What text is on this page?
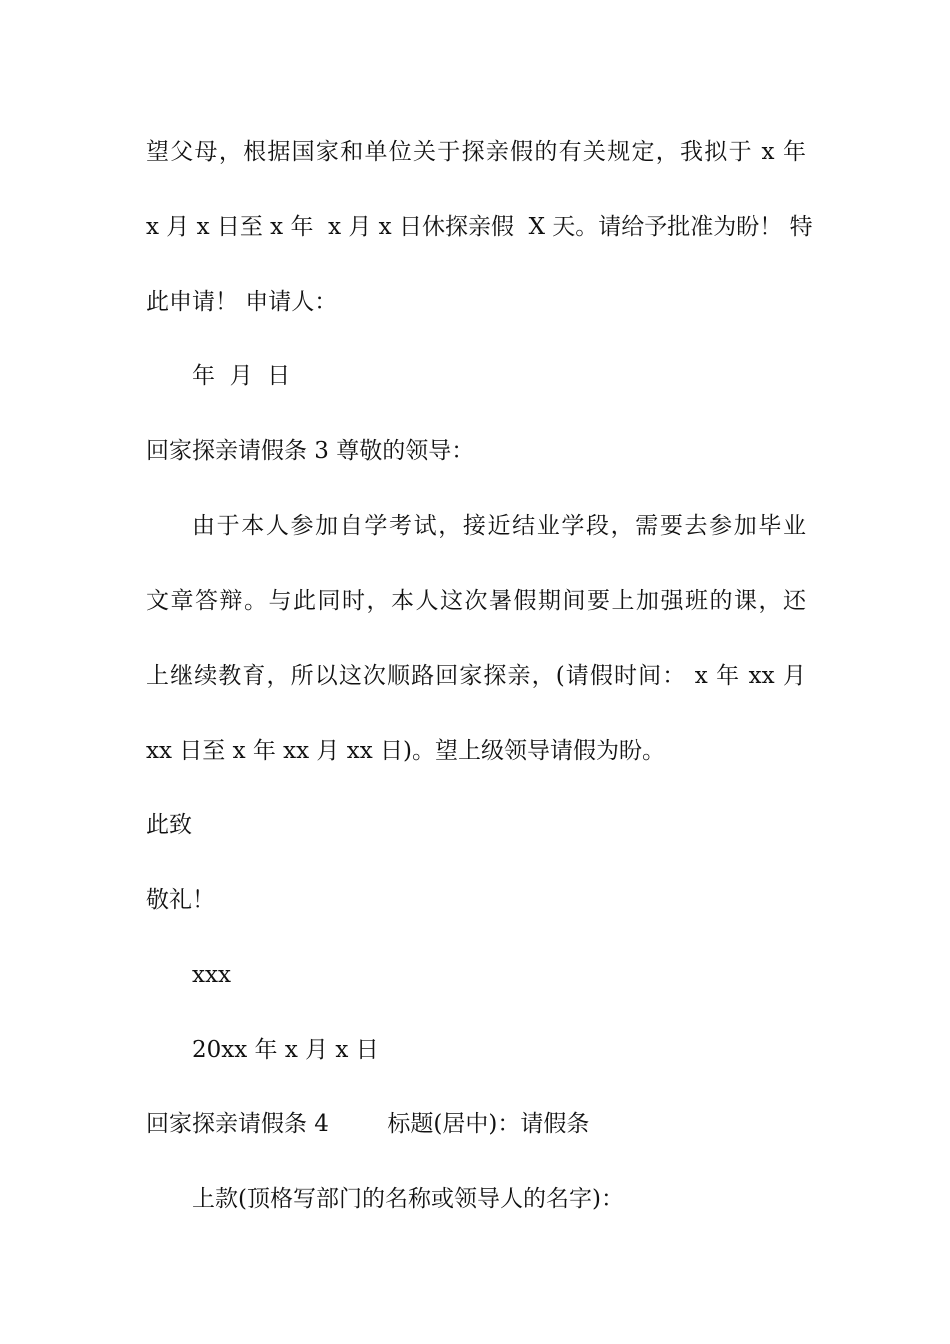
望父母，根据国家和单位关于探亲假的有关规定，我拟于 x 年
x 月 x 日至 x 年  x 月 x 日休探亲假  X 天。请给予批准为盼！ 特
此申请！ 申请人：
年  月  日
回家探亲请假条 3 尊敬的领导：
由于本人参加自学考试，接近结业学段，需要去参加毕业
文章答辩。与此同时，本人这次暑假期间要上加强班的课，还
上继续教育，所以这次顺路回家探亲，(请假时间： x 年 xx 月
xx 日至 x 年 xx 月 xx 日)。望上级领导请假为盼。
此致
敬礼！
xxx
20xx 年 x 月 x 日
回家探亲请假条 4        标题(居中)：请假条
上款(顶格写部门的名称或领导人的名字)：
